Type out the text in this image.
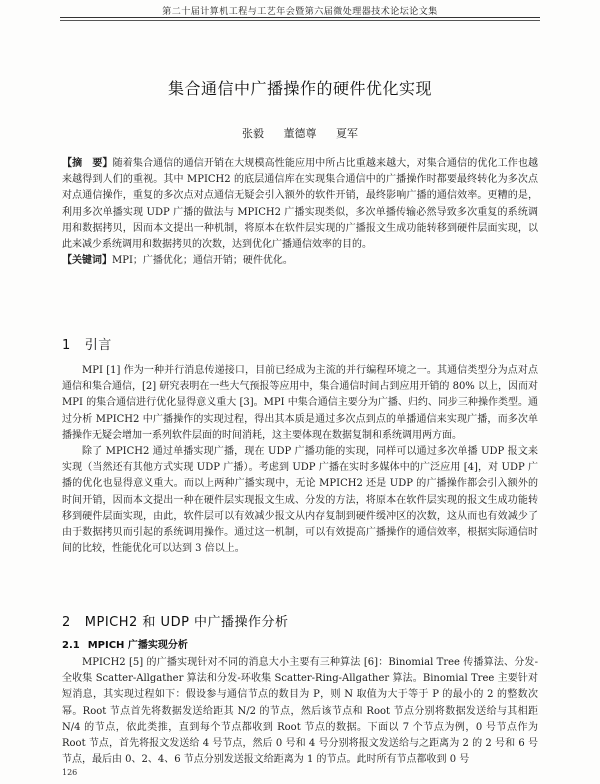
第二十届计算机工程与工艺年会暨第六届微处理器技术论坛论文集
集合通信中广播操作的硬件优化实现
张毅 董德尊 夏军

【摘　要】随着集合通信的通信开销在大规模高性能应用中所占比重越来越大，对集合通信的优化工作也越来越得到人们的重视。其中 MPICH2 的底层通信库在实现集合通信中的广播操作时都要最终转化为多次点对点通信操作，重复的多次点对点通信无疑会引入额外的软件开销，最终影响广播的通信效率。更糟的是，利用多次单播实现 UDP 广播的做法与 MPICH2 广播实现类似，多次单播传输必然导致多次重复的系统调用和数据拷贝，因而本文提出一种机制，将原本在软件层实现的广播报文生成功能转移到硬件层面实现，以此来减少系统调用和数据拷贝的次数，达到优化广播通信效率的目的。

【关键词】MPI；广播优化；通信开销；硬件优化。

1 引言

MPI [1] 作为一种并行消息传递接口，目前已经成为主流的并行编程环境之一。其通信类型分为点对点通信和集合通信，[2] 研究表明在一些大气预报等应用中，集合通信时间占到应用开销的 80% 以上，因而对 MPI 的集合通信进行优化显得意义重大 [3]。MPI 中集合通信主要分为广播、归约、同步三种操作类型。通过分析 MPICH2 中广播操作的实现过程，得出其本质是通过多次点到点的单播通信来实现广播，而多次单播操作无疑会增加一系列软件层面的时间消耗，这主要体现在数据复制和系统调用两方面。

除了 MPICH2 通过单播实现广播，现在 UDP 广播功能的实现，同样可以通过多次单播 UDP 报文来实现（当然还有其他方式实现 UDP 广播）。考虑到 UDP 广播在实时多媒体中的广泛应用 [4]，对 UDP 广播的优化也显得意义重大。而以上两种广播实现中，无论 MPICH2 还是 UDP 的广播操作都会引入额外的时间开销，因而本文提出一种在硬件层实现报文生成、分发的方法，将原本在软件层实现的报文生成功能转移到硬件层面实现，由此，软件层可以有效减少报文从内存复制到硬件缓冲区的次数，这从而也有效减少了由于数据拷贝而引起的系统调用操作。通过这一机制，可以有效提高广播操作的通信效率，根据实际通信时间的比较，性能优化可以达到 3 倍以上。

2 MPICH2 和 UDP 中广播操作分析
2.1 MPICH 广播实现分析

MPICH2 [5] 的广播实现针对不同的消息大小主要有三种算法 [6]：Binomial Tree 传播算法、分发-全收集 Scatter-Allgather 算法和分发-环收集 Scatter-Ring-Allgather 算法。Binomial Tree 主要针对短消息，其实现过程如下：假设参与通信节点的数目为 P，则 N 取值为大于等于 P 的最小的 2 的整数次幂。Root 节点首先将数据发送给距其 N/2 的节点，然后该节点和 Root 节点分别将数据发送给与其相距 N/4 的节点，依此类推，直到每个节点都收到 Root 节点的数据。下面以 7 个节点为例，0 号节点作为 Root 节点，首先将报文发送给 4 号节点，然后 0 号和 4 号分别将报文发送给与之距离为 2 的 2 号和 6 号节点，最后由 0、2、4、6 节点分别发送报文给距离为 1 的节点。此时所有节点都收到 0 号

126
